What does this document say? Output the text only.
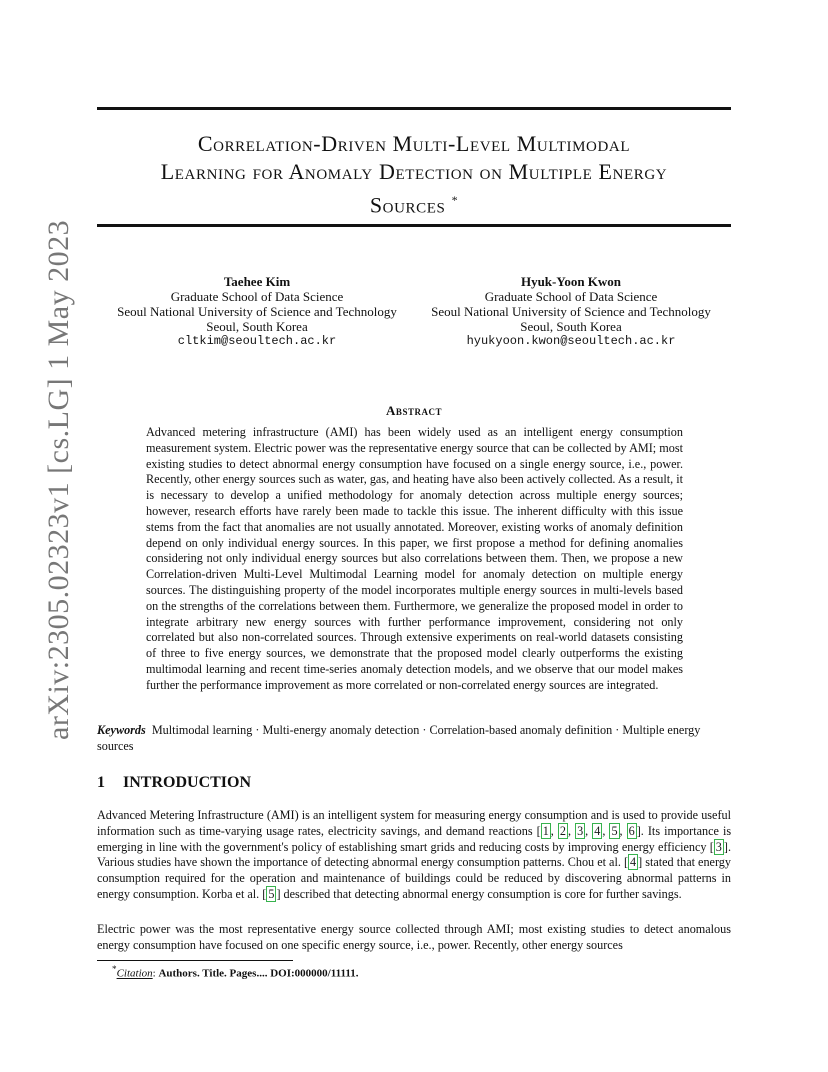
arXiv:2305.02323v1 [cs.LG] 1 May 2023
Correlation-Driven Multi-Level Multimodal
Learning for Anomaly Detection on Multiple Energy
Sources *
Taehee Kim
Graduate School of Data Science
Seoul National University of Science and Technology
Seoul, South Korea
cltkim@seoultech.ac.kr
Hyuk-Yoon Kwon
Graduate School of Data Science
Seoul National University of Science and Technology
Seoul, South Korea
hyukyoon.kwon@seoultech.ac.kr
Abstract
Advanced metering infrastructure (AMI) has been widely used as an intelligent energy consumption measurement system. Electric power was the representative energy source that can be collected by AMI; most existing studies to detect abnormal energy consumption have focused on a single energy source, i.e., power. Recently, other energy sources such as water, gas, and heating have also been actively collected. As a result, it is necessary to develop a unified methodology for anomaly detection across multiple energy sources; however, research efforts have rarely been made to tackle this issue. The inherent difficulty with this issue stems from the fact that anomalies are not usually annotated. Moreover, existing works of anomaly definition depend on only individual energy sources. In this paper, we first propose a method for defining anomalies considering not only individual energy sources but also correlations between them. Then, we propose a new Correlation-driven Multi-Level Multimodal Learning model for anomaly detection on multiple energy sources. The distinguishing property of the model incorporates multiple energy sources in multi-levels based on the strengths of the correlations between them. Furthermore, we generalize the proposed model in order to integrate arbitrary new energy sources with further performance improvement, considering not only correlated but also non-correlated sources. Through extensive experiments on real-world datasets consisting of three to five energy sources, we demonstrate that the proposed model clearly outperforms the existing multimodal learning and recent time-series anomaly detection models, and we observe that our model makes further the performance improvement as more correlated or non-correlated energy sources are integrated.
Keywords Multimodal learning · Multi-energy anomaly detection · Correlation-based anomaly definition · Multiple energy sources
1 INTRODUCTION
Advanced Metering Infrastructure (AMI) is an intelligent system for measuring energy consumption and is used to provide useful information such as time-varying usage rates, electricity savings, and demand reactions [ 1 , 2 , 3 , 4 , 5 , 6 ]. Its importance is emerging in line with the government's policy of establishing smart grids and reducing costs by improving energy efficiency [ 3 ]. Various studies have shown the importance of detecting abnormal energy consumption patterns. Chou et al. [ 4 ] stated that energy consumption required for the operation and maintenance of buildings could be reduced by discovering abnormal patterns in energy consumption. Korba et al. [ 5 ] described that detecting abnormal energy consumption is core for further savings.
Electric power was the most representative energy source collected through AMI; most existing studies to detect anomalous energy consumption have focused on one specific energy source, i.e., power. Recently, other energy sources
*Citation: Authors. Title. Pages.... DOI:000000/11111.
